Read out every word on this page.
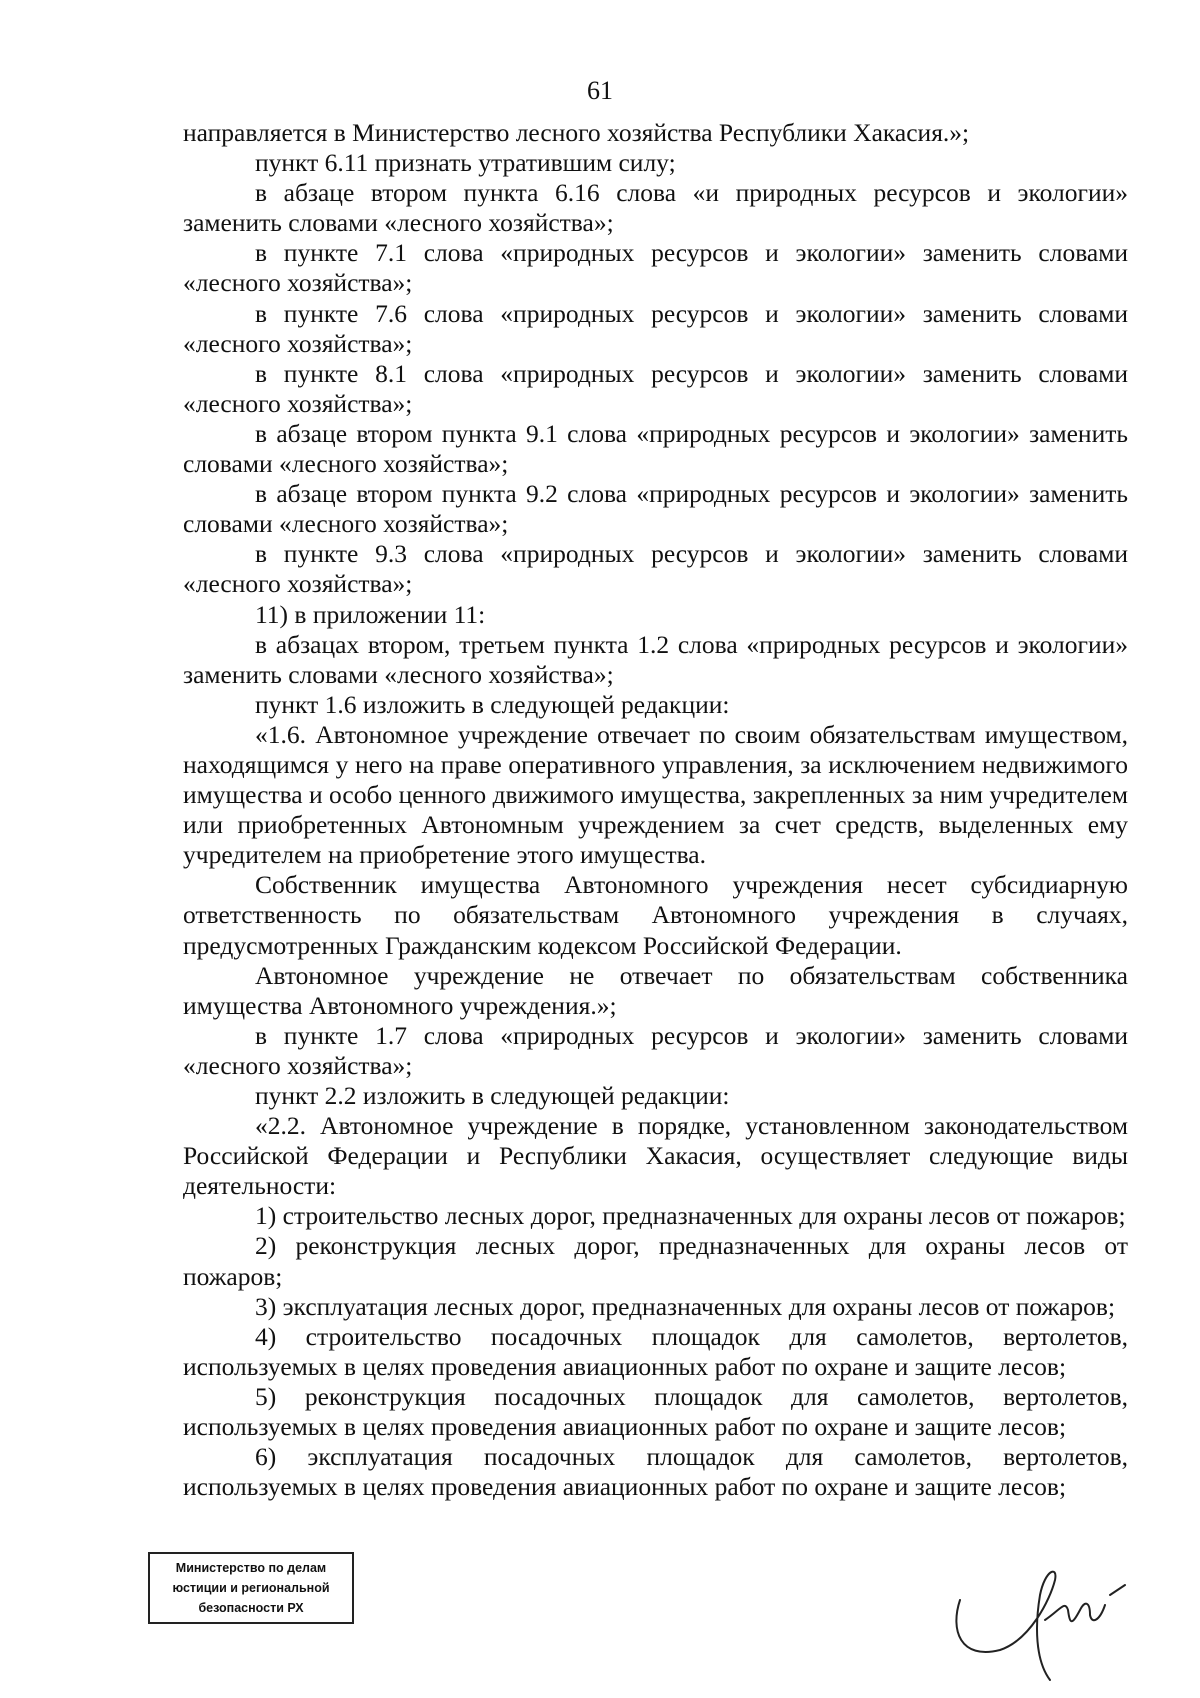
61

направляется в Министерство лесного хозяйства Республики Хакасия.»;

пункт 6.11 признать утратившим силу;

в абзаце втором пункта 6.16 слова «и природных ресурсов и экологии» заменить словами «лесного хозяйства»;

в пункте 7.1 слова «природных ресурсов и экологии» заменить словами «лесного хозяйства»;

в пункте 7.6 слова «природных ресурсов и экологии» заменить словами «лесного хозяйства»;

в пункте 8.1 слова «природных ресурсов и экологии» заменить словами «лесного хозяйства»;

в абзаце втором пункта 9.1 слова «природных ресурсов и экологии» заменить словами «лесного хозяйства»;

в абзаце втором пункта 9.2 слова «природных ресурсов и экологии» заменить словами «лесного хозяйства»;

в пункте 9.3 слова «природных ресурсов и экологии» заменить словами «лесного хозяйства»;

11) в приложении 11:

в абзацах втором, третьем пункта 1.2 слова «природных ресурсов и экологии» заменить словами «лесного хозяйства»;

пункт 1.6 изложить в следующей редакции:

«1.6. Автономное учреждение отвечает по своим обязательствам имуществом, находящимся у него на праве оперативного управления, за исключением недвижимого имущества и особо ценного движимого имущества, закрепленных за ним учредителем или приобретенных Автономным учреждением за счет средств, выделенных ему учредителем на приобретение этого имущества.

Собственник имущества Автономного учреждения несет субсидиарную ответственность по обязательствам Автономного учреждения в случаях, предусмотренных Гражданским кодексом Российской Федерации.

Автономное учреждение не отвечает по обязательствам собственника имущества Автономного учреждения.»;

в пункте 1.7 слова «природных ресурсов и экологии» заменить словами «лесного хозяйства»;

пункт 2.2 изложить в следующей редакции:

«2.2. Автономное учреждение в порядке, установленном законодательством Российской Федерации и Республики Хакасия, осуществляет следующие виды деятельности:

1) строительство лесных дорог, предназначенных для охраны лесов от пожаров;

2) реконструкция лесных дорог, предназначенных для охраны лесов от пожаров;

3) эксплуатация лесных дорог, предназначенных для охраны лесов от пожаров;

4) строительство посадочных площадок для самолетов, вертолетов, используемых в целях проведения авиационных работ по охране и защите лесов;

5) реконструкция посадочных площадок для самолетов, вертолетов, используемых в целях проведения авиационных работ по охране и защите лесов;

6) эксплуатация посадочных площадок для самолетов, вертолетов, используемых в целях проведения авиационных работ по охране и защите лесов;

Министерство по делам
юстиции и региональной
безопасности РХ
